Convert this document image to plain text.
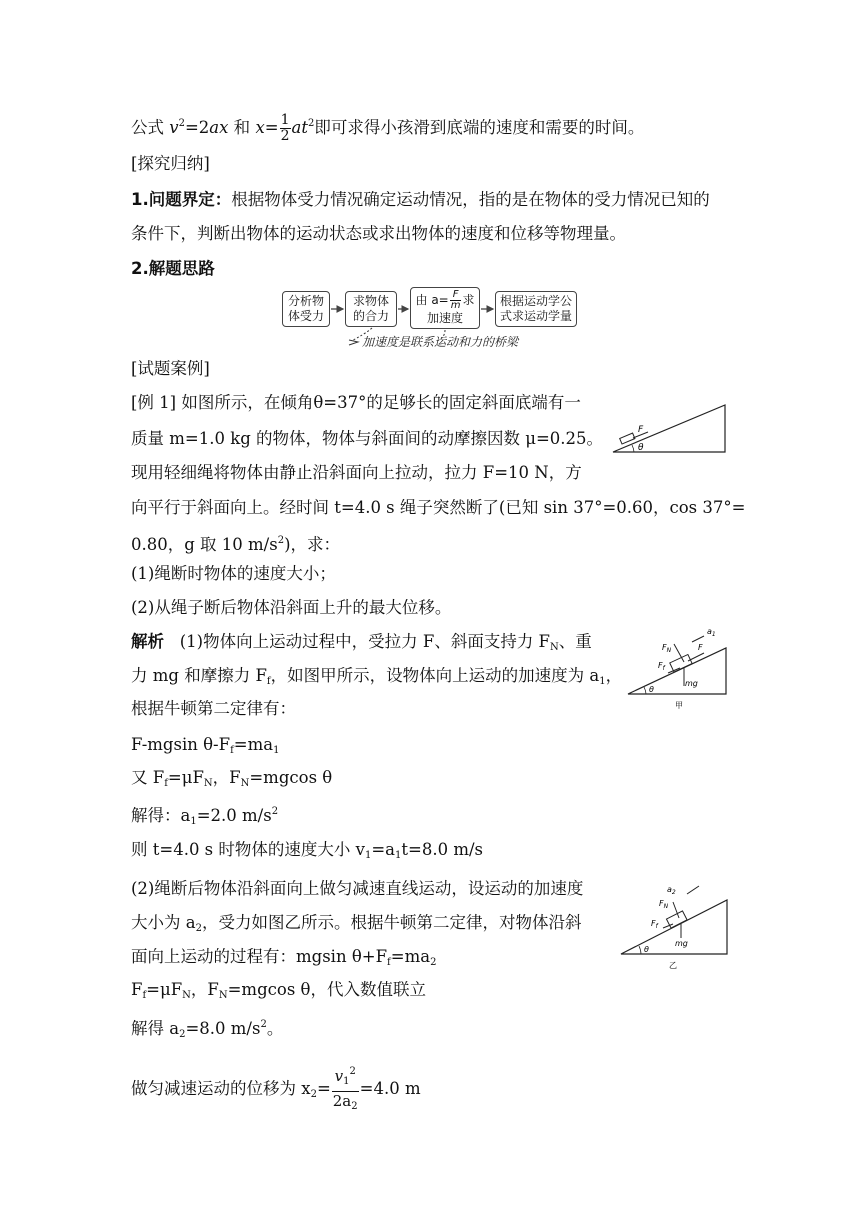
公式 $v^2=2ax$ 和 $x= \frac{1}{2} at^2$即可求得小孩滑到底端的速度和需要的时间。
[探究归纳]
1.问题界定：根据物体受力情况确定运动情况，指的是在物体的受力情况已知的
条件下，判断出物体的运动状态或求出物体的速度和位移等物理量。
2.解题思路
分析物
体受力
求物体
的合力
由 $a= \frac{F}{m}$ 求
加速度
根据运动学公
式求运动学量
加速度是联系运动和力的桥梁
[试题案例]
[例 1] 如图所示，在倾角θ=37°的足够长的固定斜面底端有一
质量 m=1.0 kg 的物体，物体与斜面间的动摩擦因数 μ=0.25。
现用轻细绳将物体由静止沿斜面向上拉动，拉力 F=10 N，方
向平行于斜面向上。经时间 t=4.0 s 绳子突然断了(已知 sin 37°=0.60，cos 37°=
0.80，g 取 10 $m/s^2$)，求：
(1)绳断时物体的速度大小；
(2)从绳子断后物体沿斜面上升的最大位移。
F
θ
解析 (1)物体向上运动过程中，受拉力 F、斜面支持力 $F_N$、重
力 mg 和摩擦力 $F_f$，如图甲所示，设物体向上运动的加速度为 $a_1$，
根据牛顿第二定律有：
F-mgsin $\theta-F_f=ma_1$
又 $F_f=\mu F_N$，$F_N=mgcos$ θ
解得：$a_1=2.0$ $m/s^2$
则 t=4.0 s 时物体的速度大小 $v_1=a_1t=8.0$ m/s
$a_1$
$F_N$	F
$F_f$
mg
θ
甲
(2)绳断后物体沿斜面向上做匀减速直线运动，设运动的加速度
大小为 $a_2$，受力如图乙所示。根据牛顿第二定律，对物体沿斜
面向上运动的过程有：mgsin $\theta+F_f=ma_2$
$F_f=\mu F_N$，$F_N=mgcos$ θ，代入数值联立
解得 $a_2=8.0$ $m/s^2$。
做匀减速运动的位移为 $x_2= \frac{v_1^2}{2a_2} =4.0$ m
$a_2$
$F_N$
$F_f$
mg
θ
乙
